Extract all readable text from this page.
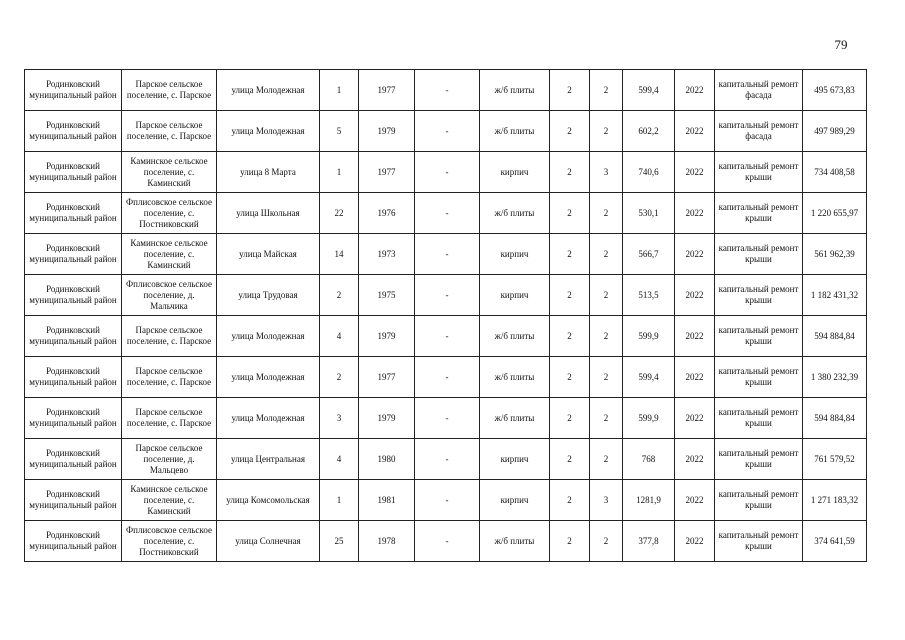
79
Родинковский муниципальный район	Парское сельское поселение, с. Парское	улица Молодежная	1	1977	-	ж/б плиты	2	2	599,4	2022	капитальный ремонт фасада	495 673,83
Родинковский муниципальный район	Парское сельское поселение, с. Парское	улица Молодежная	5	1979	-	ж/б плиты	2	2	602,2	2022	капитальный ремонт фасада	497 989,29
Родинковский муниципальный район	Каминское сельское поселение, с. Каминский	улица 8 Марта	1	1977	-	кирпич	2	3	740,6	2022	капитальный ремонт крыши	734 408,58
Родинковский муниципальный район	Фплисовское сельское поселение, с. Постниковский	улица Школьная	22	1976	-	ж/б плиты	2	2	530,1	2022	капитальный ремонт крыши	1 220 655,97
Родинковский муниципальный район	Каминское сельское поселение, с. Каминский	улица Майская	14	1973	-	кирпич	2	2	566,7	2022	капитальный ремонт крыши	561 962,39
Родинковский муниципальный район	Фплисовское сельское поселение, д. Мальчика	улица Трудовая	2	1975	-	кирпич	2	2	513,5	2022	капитальный ремонт крыши	1 182 431,32
Родинковский муниципальный район	Парское сельское поселение, с. Парское	улица Молодежная	4	1979	-	ж/б плиты	2	2	599,9	2022	капитальный ремонт крыши	594 884,84
Родинковский муниципальный район	Парское сельское поселение, с. Парское	улица Молодежная	2	1977	-	ж/б плиты	2	2	599,4	2022	капитальный ремонт крыши	1 380 232,39
Родинковский муниципальный район	Парское сельское поселение, с. Парское	улица Молодежная	3	1979	-	ж/б плиты	2	2	599,9	2022	капитальный ремонт крыши	594 884,84
Родинковский муниципальный район	Парское сельское поселение, д. Мальцево	улица Центральная	4	1980	-	кирпич	2	2	768	2022	капитальный ремонт крыши	761 579,52
Родинковский муниципальный район	Каминское сельское поселение, с. Каминский	улица Комсомольская	1	1981	-	кирпич	2	3	1281,9	2022	капитальный ремонт крыши	1 271 183,32
Родинковский муниципальный район	Фплисовское сельское поселение, с. Постниковский	улица Солнечная	25	1978	-	ж/б плиты	2	2	377,8	2022	капитальный ремонт крыши	374 641,59
